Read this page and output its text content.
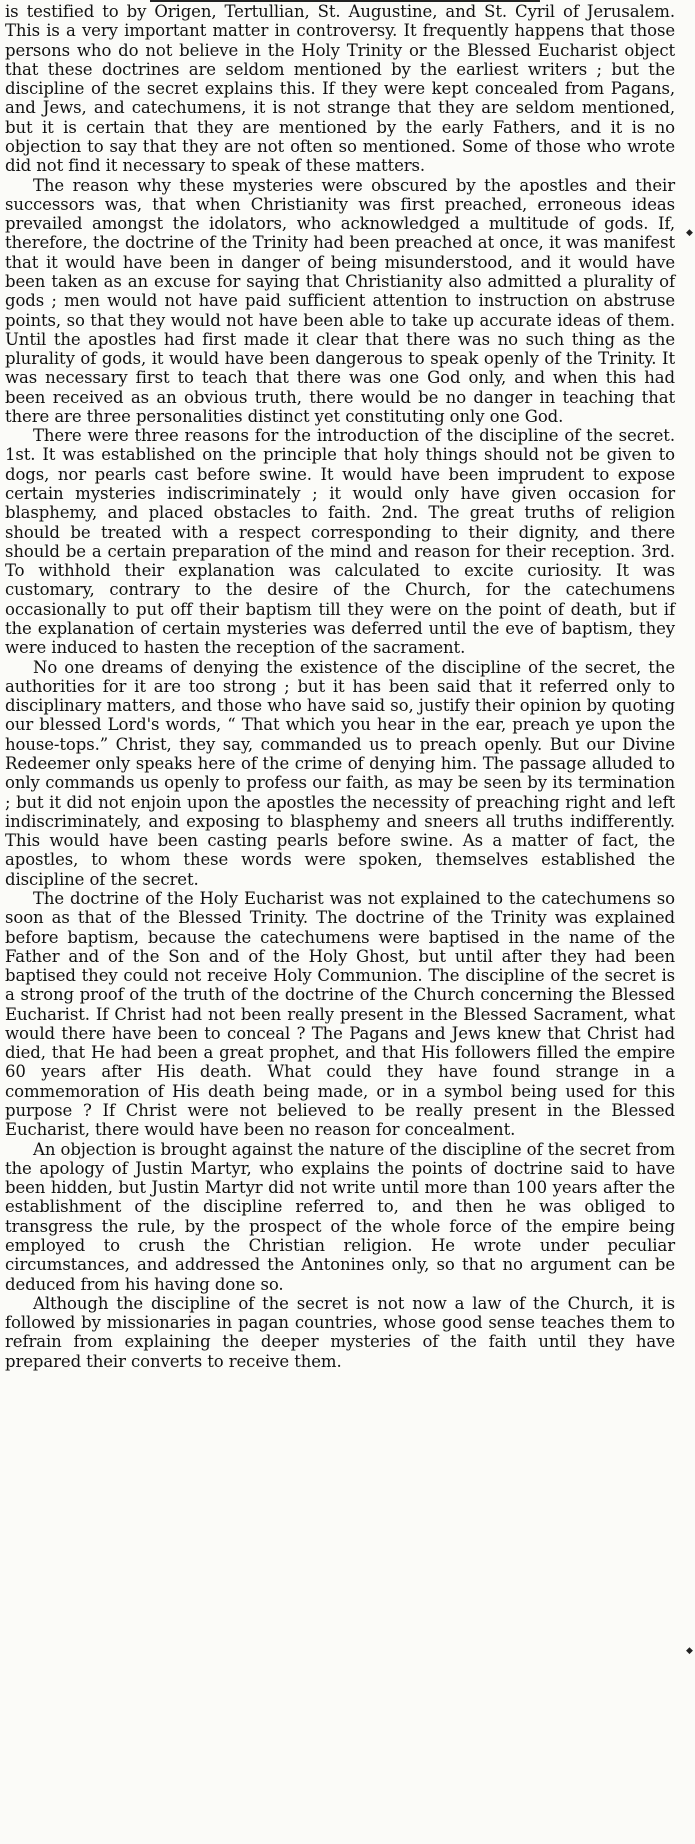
is testified to by Origen, Tertullian, St. Augustine, and St. Cyril of Jerusalem. This is a very important matter in controversy. It frequently happens that those persons who do not believe in the Holy Trinity or the Blessed Eucharist object that these doctrines are seldom mentioned by the earliest writers ; but the discipline of the secret explains this. If they were kept concealed from Pagans, and Jews, and catechumens, it is not strange that they are seldom mentioned, but it is certain that they are mentioned by the early Fathers, and it is no objection to say that they are not often so mentioned. Some of those who wrote did not find it necessary to speak of these matters.

The reason why these mysteries were obscured by the apostles and their successors was, that when Christianity was first preached, erroneous ideas prevailed amongst the idolators, who acknowledged a multitude of gods. If, therefore, the doctrine of the Trinity had been preached at once, it was manifest that it would have been in danger of being misunderstood, and it would have been taken as an excuse for saying that Christianity also admitted a plurality of gods ; men would not have paid sufficient attention to instruction on abstruse points, so that they would not have been able to take up accurate ideas of them. Until the apostles had first made it clear that there was no such thing as the plurality of gods, it would have been dangerous to speak openly of the Trinity. It was necessary first to teach that there was one God only, and when this had been received as an obvious truth, there would be no danger in teaching that there are three personalities distinct yet constituting only one God.

There were three reasons for the introduction of the discipline of the secret. 1st. It was established on the principle that holy things should not be given to dogs, nor pearls cast before swine. It would have been imprudent to expose certain mysteries indiscriminately ; it would only have given occasion for blasphemy, and placed obstacles to faith. 2nd. The great truths of religion should be treated with a respect corresponding to their dignity, and there should be a certain preparation of the mind and reason for their reception. 3rd. To withhold their explanation was calculated to excite curiosity. It was customary, contrary to the desire of the Church, for the catechumens occasionally to put off their baptism till they were on the point of death, but if the explanation of certain mysteries was deferred until the eve of baptism, they were induced to hasten the reception of the sacrament.

No one dreams of denying the existence of the discipline of the secret, the authorities for it are too strong ; but it has been said that it referred only to disciplinary matters, and those who have said so, justify their opinion by quoting our blessed Lord's words, “ That which you hear in the ear, preach ye upon the house-tops.” Christ, they say, commanded us to preach openly. But our Divine Redeemer only speaks here of the crime of denying him. The passage alluded to only commands us openly to profess our faith, as may be seen by its termination ; but it did not enjoin upon the apostles the necessity of preaching right and left indiscriminately, and exposing to blasphemy and sneers all truths indifferently. This would have been casting pearls before swine. As a matter of fact, the apostles, to whom these words were spoken, themselves established the discipline of the secret.

The doctrine of the Holy Eucharist was not explained to the catechumens so soon as that of the Blessed Trinity. The doctrine of the Trinity was explained before baptism, because the catechumens were baptised in the name of the Father and of the Son and of the Holy Ghost, but until after they had been baptised they could not receive Holy Communion. The discipline of the secret is a strong proof of the truth of the doctrine of the Church concerning the Blessed Eucharist. If Christ had not been really present in the Blessed Sacrament, what would there have been to conceal ? The Pagans and Jews knew that Christ had died, that He had been a great prophet, and that His followers filled the empire 60 years after His death. What could they have found strange in a commemoration of His death being made, or in a symbol being used for this purpose ? If Christ were not believed to be really present in the Blessed Eucharist, there would have been no reason for concealment.

An objection is brought against the nature of the discipline of the secret from the apology of Justin Martyr, who explains the points of doctrine said to have been hidden, but Justin Martyr did not write until more than 100 years after the establishment of the discipline referred to, and then he was obliged to transgress the rule, by the prospect of the whole force of the empire being employed to crush the Christian religion. He wrote under peculiar circumstances, and addressed the Antonines only, so that no argument can be deduced from his having done so.

Although the discipline of the secret is not now a law of the Church, it is followed by missionaries in pagan countries, whose good sense teaches them to refrain from explaining the deeper mysteries of the faith until they have prepared their converts to receive them.

◆
◆
